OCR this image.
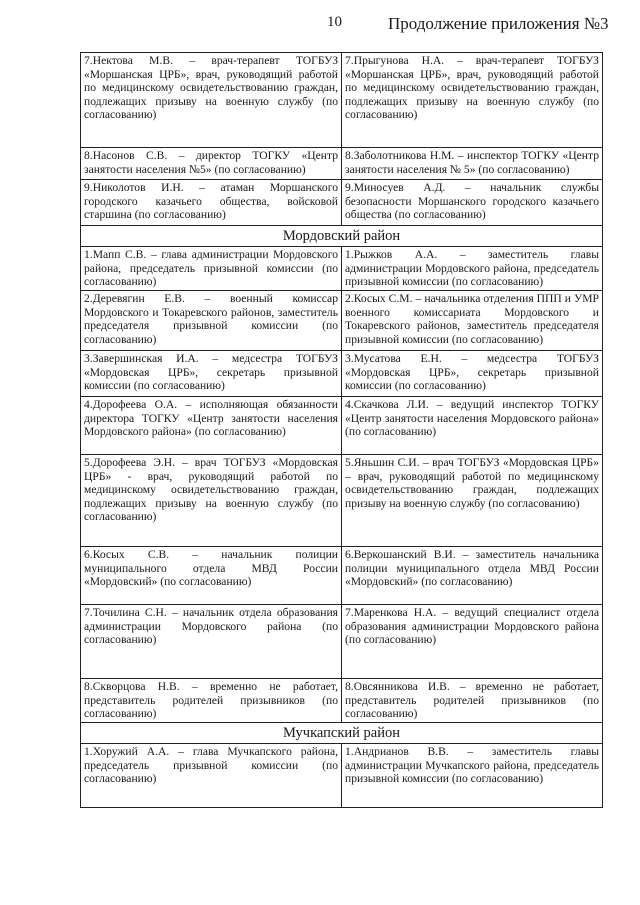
10	Продолжение приложения №3
7.Нектова М.В. – врач-терапевт ТОГБУЗ «Моршанская ЦРБ», врач, руководящий работой по медицинскому освидетельствованию граждан, подлежащих призыву на военную службу (по согласованию)	7.Прыгунова Н.А. – врач-терапевт ТОГБУЗ «Моршанская ЦРБ», врач, руководящий работой по медицинскому освидетельствованию граждан, подлежащих призыву на военную службу (по согласованию)
8.Насонов С.В. – директор ТОГКУ «Центр занятости населения №5» (по согласованию)	8.Заболотникова Н.М. – инспектор ТОГКУ «Центр занятости населения № 5» (по согласованию)
9.Николотов И.Н. – атаман Моршанского городского казачьего общества, войсковой старшина (по согласованию)	9.Миносуев А.Д. – начальник службы безопасности Моршанского городского казачьего общества (по согласованию)
Мордовский район	
1.Мапп С.В. – глава администрации Мордовского района, председатель призывной комиссии (по согласованию)	1.Рыжков А.А. – заместитель главы администрации Мордовского района, председатель призывной комиссии (по согласованию)
2.Деревягин Е.В. – военный комиссар Мордовского и Токаревского районов, заместитель председателя призывной комиссии (по согласованию)	2.Косых С.М. – начальника отделения ППП и УМР военного комиссариата Мордовского и Токаревского районов, заместитель председателя призывной комиссии (по согласованию)
3.Завершинская И.А. – медсестра ТОГБУЗ «Мордовская ЦРБ», секретарь призывной комиссии (по согласованию)	3.Мусатова Е.Н. – медсестра ТОГБУЗ «Мордовская ЦРБ», секретарь призывной комиссии (по согласованию)
4.Дорофеева О.А. – исполняющая обязанности директора ТОГКУ «Центр занятости населения Мордовского района» (по согласованию)	4.Скачкова Л.И. – ведущий инспектор ТОГКУ «Центр занятости населения Мордовского района» (по согласованию)
5.Дорофеева Э.Н. – врач ТОГБУЗ «Мордовская ЦРБ» - врач, руководящий работой по медицинскому освидетельствованию граждан, подлежащих призыву на военную службу (по согласованию)	5.Яньшин С.И. – врач ТОГБУЗ «Мордовская ЦРБ» – врач, руководящий работой по медицинскому освидетельствованию граждан, подлежащих призыву на военную службу (по согласованию)
6.Косых С.В. – начальник полиции муниципального отдела МВД России «Мордовский» (по согласованию)	6.Веркошанский В.И. – заместитель начальника полиции муниципального отдела МВД России «Мордовский» (по согласованию)
7.Точилина С.Н. – начальник отдела образования администрации Мордовского района (по согласованию)	7.Маренкова Н.А. – ведущий специалист отдела образования администрации Мордовского района (по согласованию)
8.Скворцова Н.В. – временно не работает, представитель родителей призывников (по согласованию)	8.Овсянникова И.В. – временно не работает, представитель родителей призывников (по согласованию)
Мучкапский район	
1.Хоружий А.А. – глава Мучкапского района, председатель призывной комиссии (по согласованию)	1.Андрианов В.В. – заместитель главы администрации Мучкапского района, председатель призывной комиссии (по согласованию)
